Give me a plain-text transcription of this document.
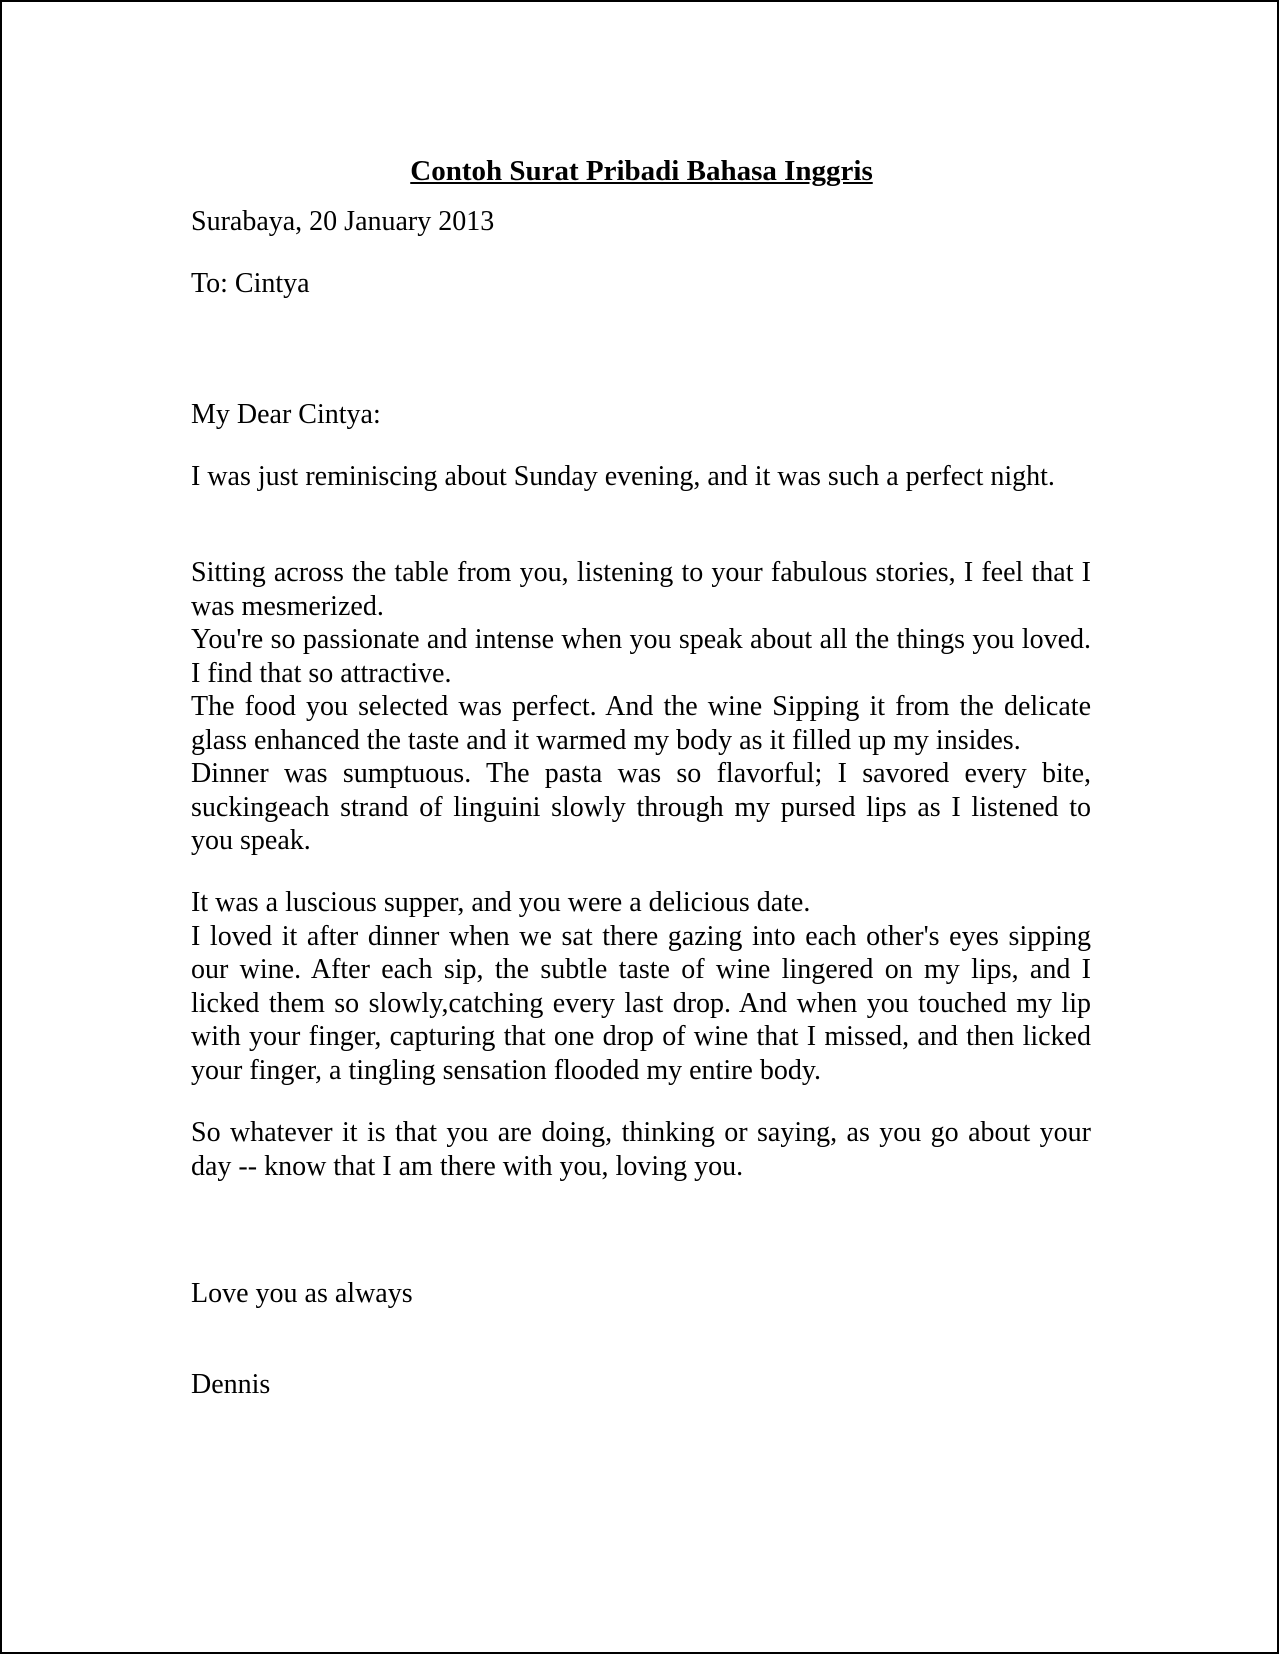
Contoh Surat Pribadi Bahasa Inggris
Surabaya, 20 January 2013
To: Cintya
My Dear Cintya:
I was just reminiscing about Sunday evening, and it was such a perfect night.
Sitting across the table from you, listening to your fabulous stories, I feel that I was mesmerized.
You're so passionate and intense when you speak about all the things you loved. I find that so attractive.
The food you selected was perfect. And the wine Sipping it from the delicate glass enhanced the taste and it warmed my body as it filled up my insides.
Dinner was sumptuous. The pasta was so flavorful; I savored every bite, suckingeach strand of linguini slowly through my pursed lips as I listened to you speak.
It was a luscious supper, and you were a delicious date.
I loved it after dinner when we sat there gazing into each other's eyes sipping our wine. After each sip, the subtle taste of wine lingered on my lips, and I licked them so slowly,catching every last drop. And when you touched my lip with your finger, capturing that one drop of wine that I missed, and then licked your finger, a tingling sensation flooded my entire body.
So whatever it is that you are doing, thinking or saying, as you go about your day -- know that I am there with you, loving you.
Love you as always
Dennis
